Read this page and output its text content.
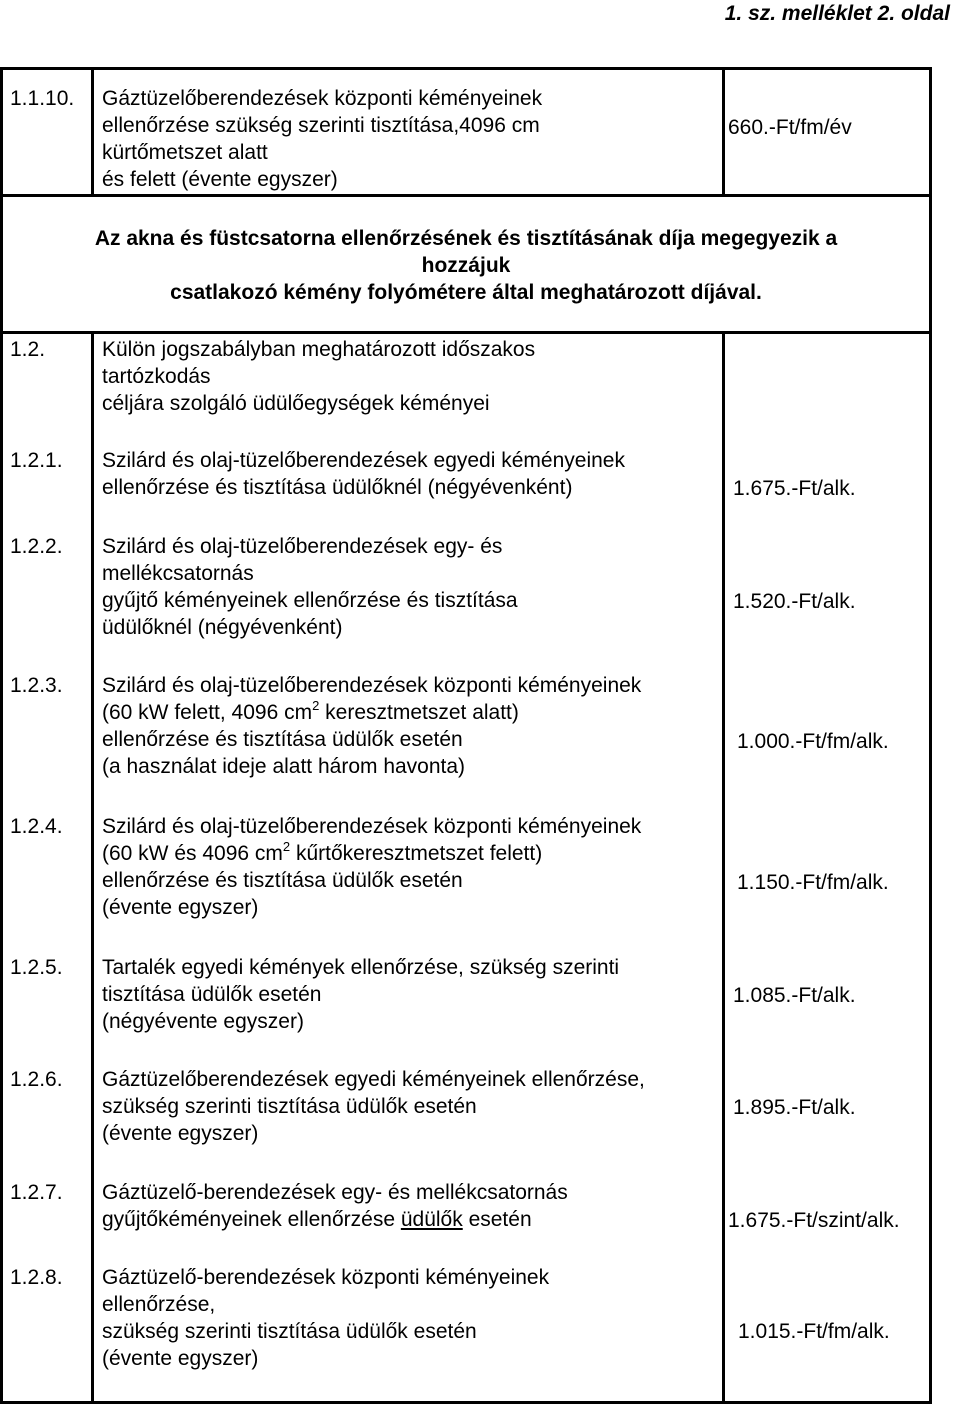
1. sz. melléklet 2. oldal
1.1.10. Gáztüzelőberendezések központi kéményeinek
ellenőrzése szükség szerinti tisztítása,4096 cm
kürtőmetszet alatt
és felett (évente egyszer)
660.-Ft/fm/év
Az akna és füstcsatorna ellenőrzésének és tisztításának díja megegyezik a
hozzájuk
csatlakozó kémény folyómétere által meghatározott díjával.
1.2.	Külön jogszabályban meghatározott időszakos
tartózkodás
céljára szolgáló üdülőegységek kéményei
1.2.1. Szilárd és olaj-tüzelőberendezések egyedi kéményeinek
ellenőrzése és tisztítása üdülőknél (négyévenként)	1.675.-Ft/alk.
1.2.2. Szilárd és olaj-tüzelőberendezések egy- és
mellékcsatornás
gyűjtő kéményeinek ellenőrzése és tisztítása
üdülőknél (négyévenként)
1.520.-Ft/alk.
1.2.3. Szilárd és olaj-tüzelőberendezések központi kéményeinek
(60 kW felett, 4096 $cm^2$ keresztmetszet alatt)
ellenőrzése és tisztítása üdülők esetén
(a használat ideje alatt három havonta)
1.000.-Ft/fm/alk.
1.2.4. Szilárd és olaj-tüzelőberendezések központi kéményeinek
(60 kW és 4096 $cm^2$ kűrtőkeresztmetszet felett)
ellenőrzése és tisztítása üdülők esetén
(évente egyszer)
1.150.-Ft/fm/alk.
1.2.5. Tartalék egyedi kémények ellenőrzése, szükség szerinti
tisztítása üdülők esetén
(négyévente egyszer)
1.085.-Ft/alk.
1.2.6. Gáztüzelőberendezések egyedi kéményeinek ellenőrzése,
szükség szerinti tisztítása üdülők esetén
(évente egyszer)
1.895.-Ft/alk.
1.2.7. Gáztüzelő-berendezések egy- és mellékcsatornás
gyűjtőkéményeinek ellenőrzése üdülők esetén	1.675.-Ft/szint/alk.
1.2.8. Gáztüzelő-berendezések központi kéményeinek
ellenőrzése,
szükség szerinti tisztítása üdülők esetén
(évente egyszer)
1.015.-Ft/fm/alk.
